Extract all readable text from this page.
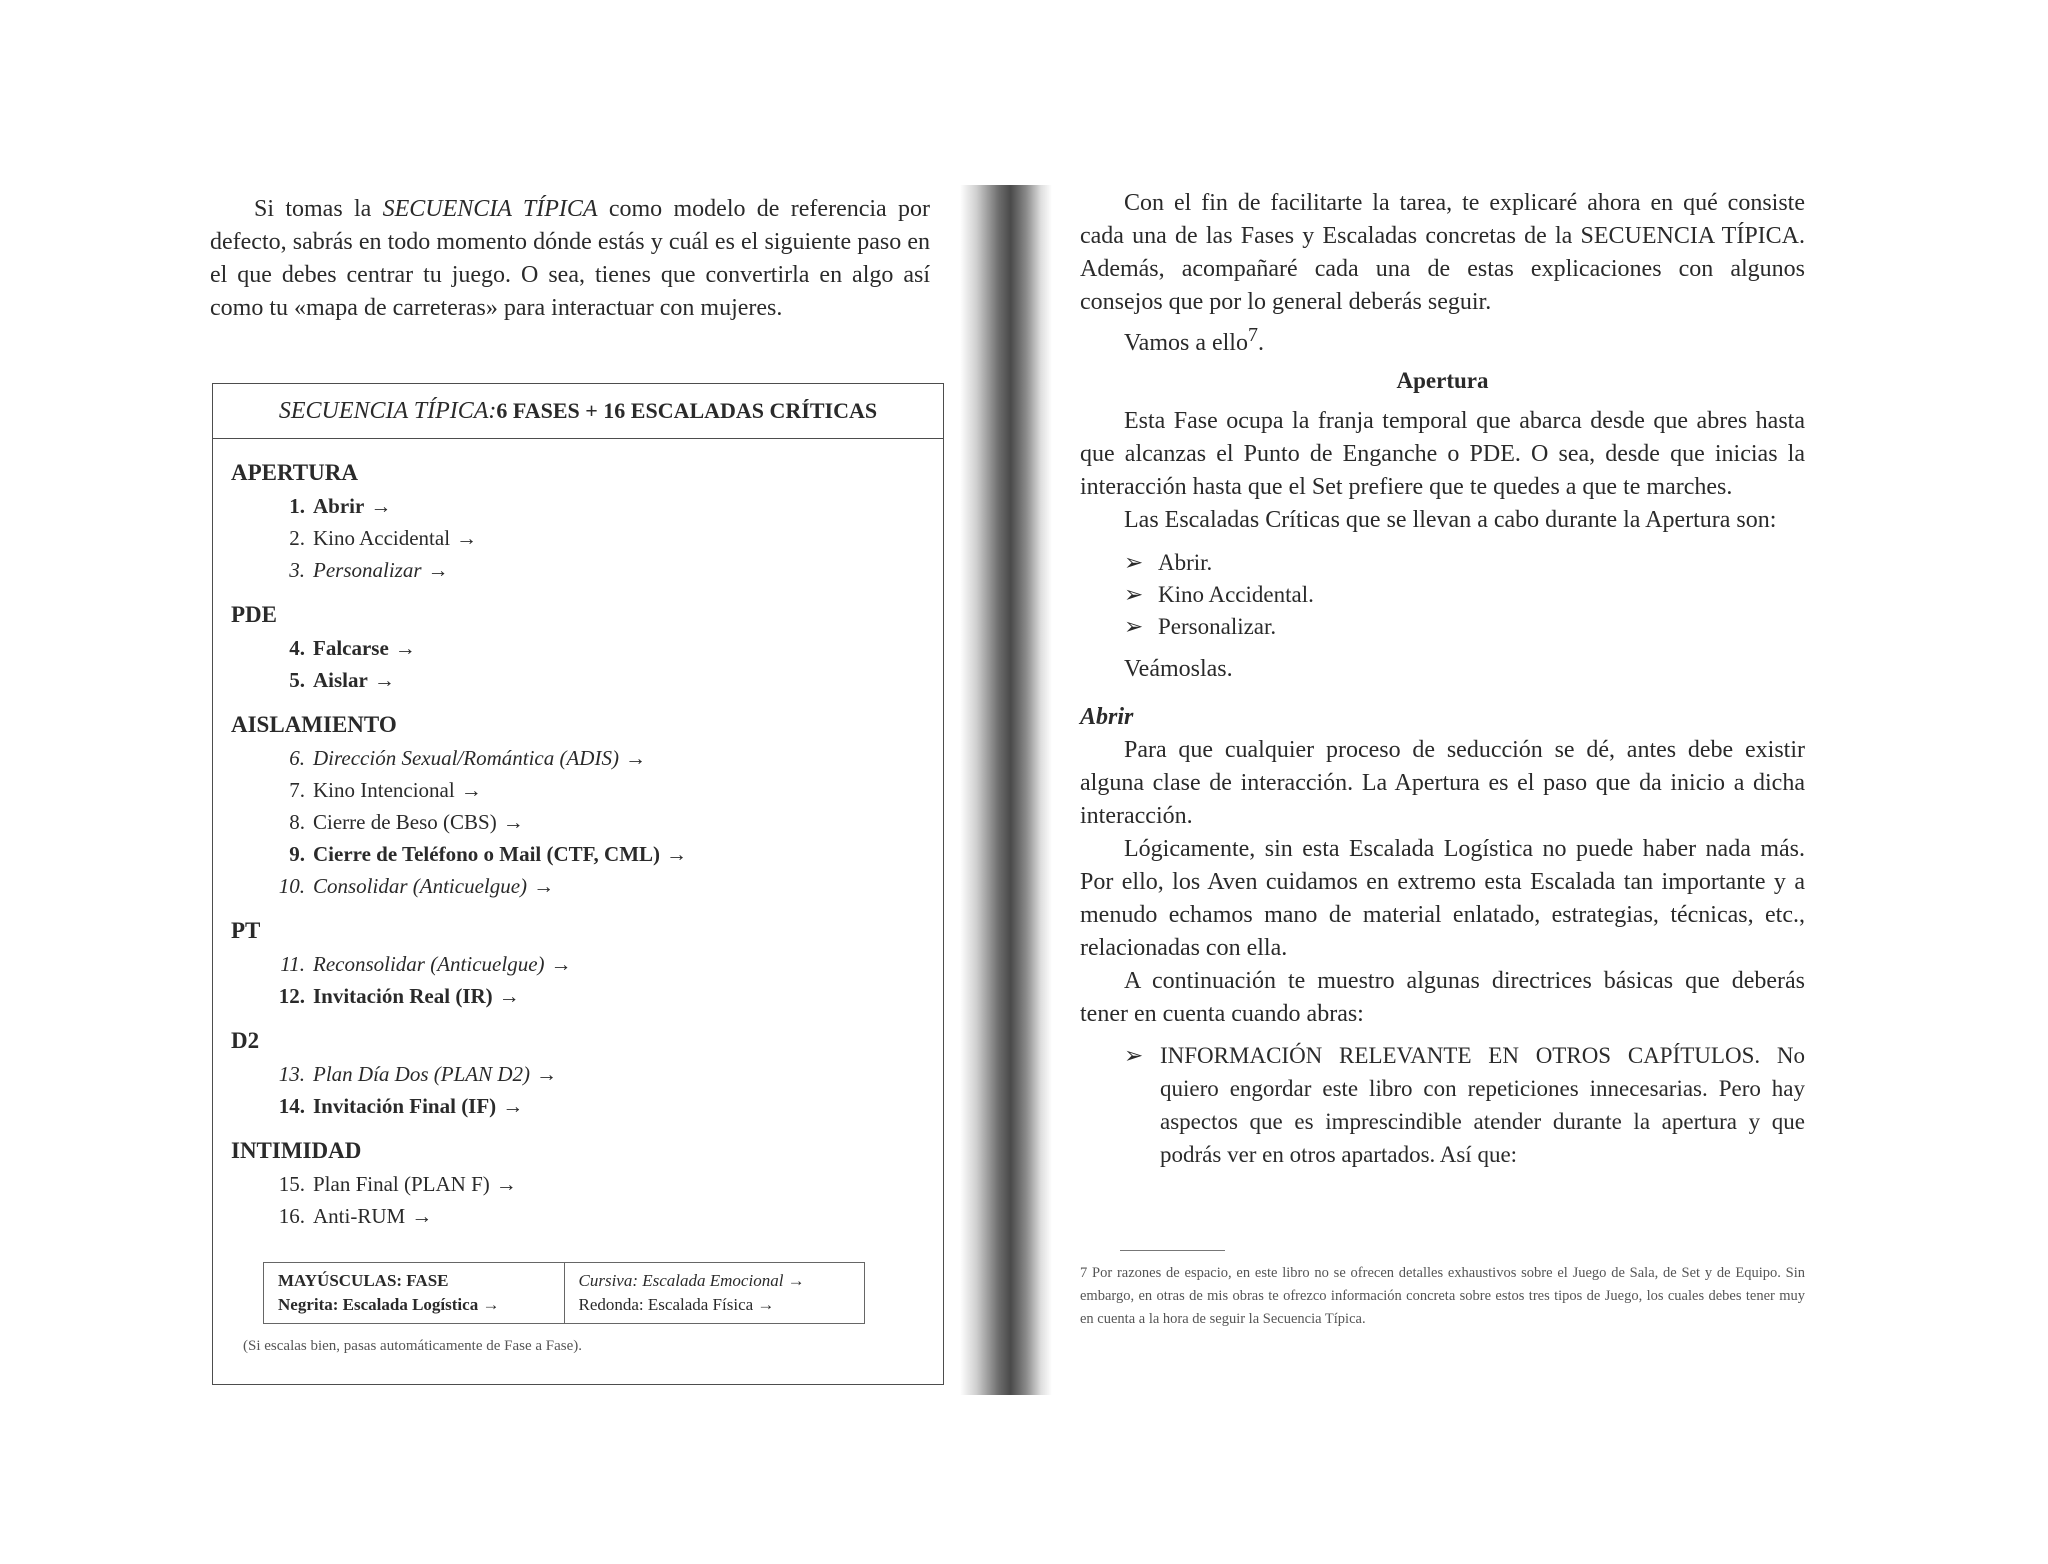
Si tomas la SECUENCIA TÍPICA como modelo de referencia por defecto, sabrás en todo momento dónde estás y cuál es el siguiente paso en el que debes centrar tu juego. O sea, tienes que convertirla en algo así como tu «mapa de carreteras» para interactuar con mujeres.

SECUENCIA TÍPICA: 6 FASES + 16 ESCALADAS CRÍTICAS
APERTURA
1. Abrir →
2. Kino Accidental →
3. Personalizar →
PDE
4. Falcarse →
5. Aislar →
AISLAMIENTO
6. Dirección Sexual/Romántica (ADIS) →
7. Kino Intencional →
8. Cierre de Beso (CBS) →
9. Cierre de Teléfono o Mail (CTF, CML) →
10. Consolidar (Anticuelgue) →
PT
11. Reconsolidar (Anticuelgue) →
12. Invitación Real (IR) →
D2
13. Plan Día Dos (PLAN D2) →
14. Invitación Final (IF) →
INTIMIDAD
15. Plan Final (PLAN F) →
16. Anti-RUM →
MAYÚSCULAS: FASE
Negrita: Escalada Logística →
Cursiva: Escalada Emocional →
Redonda: Escalada Física →
(Si escalas bien, pasas automáticamente de Fase a Fase).

Con el fin de facilitarte la tarea, te explicaré ahora en qué consiste cada una de las Fases y Escaladas concretas de la SECUENCIA TÍPICA. Además, acompañaré cada una de estas explicaciones con algunos consejos que por lo general deberás seguir.

Vamos a ello$^7$.

Apertura

Esta Fase ocupa la franja temporal que abarca desde que abres hasta que alcanzas el Punto de Enganche o PDE. O sea, desde que inicias la interacción hasta que el Set prefiere que te quedes a que te marches.

Las Escaladas Críticas que se llevan a cabo durante la Apertura son:

➢ Abrir.
➢ Kino Accidental.
➢ Personalizar.

Veámoslas.

Abrir

Para que cualquier proceso de seducción se dé, antes debe existir alguna clase de interacción. La Apertura es el paso que da inicio a dicha interacción.

Lógicamente, sin esta Escalada Logística no puede haber nada más. Por ello, los Aven cuidamos en extremo esta Escalada tan importante y a menudo echamos mano de material enlatado, estrategias, técnicas, etc., relacionadas con ella.

A continuación te muestro algunas directrices básicas que deberás tener en cuenta cuando abras:

➢ INFORMACIÓN RELEVANTE EN OTROS CAPÍTULOS. No quiero engordar este libro con repeticiones innecesarias. Pero hay aspectos que es imprescindible atender durante la apertura y que podrás ver en otros apartados. Así que:

7 Por razones de espacio, en este libro no se ofrecen detalles exhaustivos sobre el Juego de Sala, de Set y de Equipo. Sin embargo, en otras de mis obras te ofrezco información concreta sobre estos tres tipos de Juego, los cuales debes tener muy en cuenta a la hora de seguir la Secuencia Típica.
